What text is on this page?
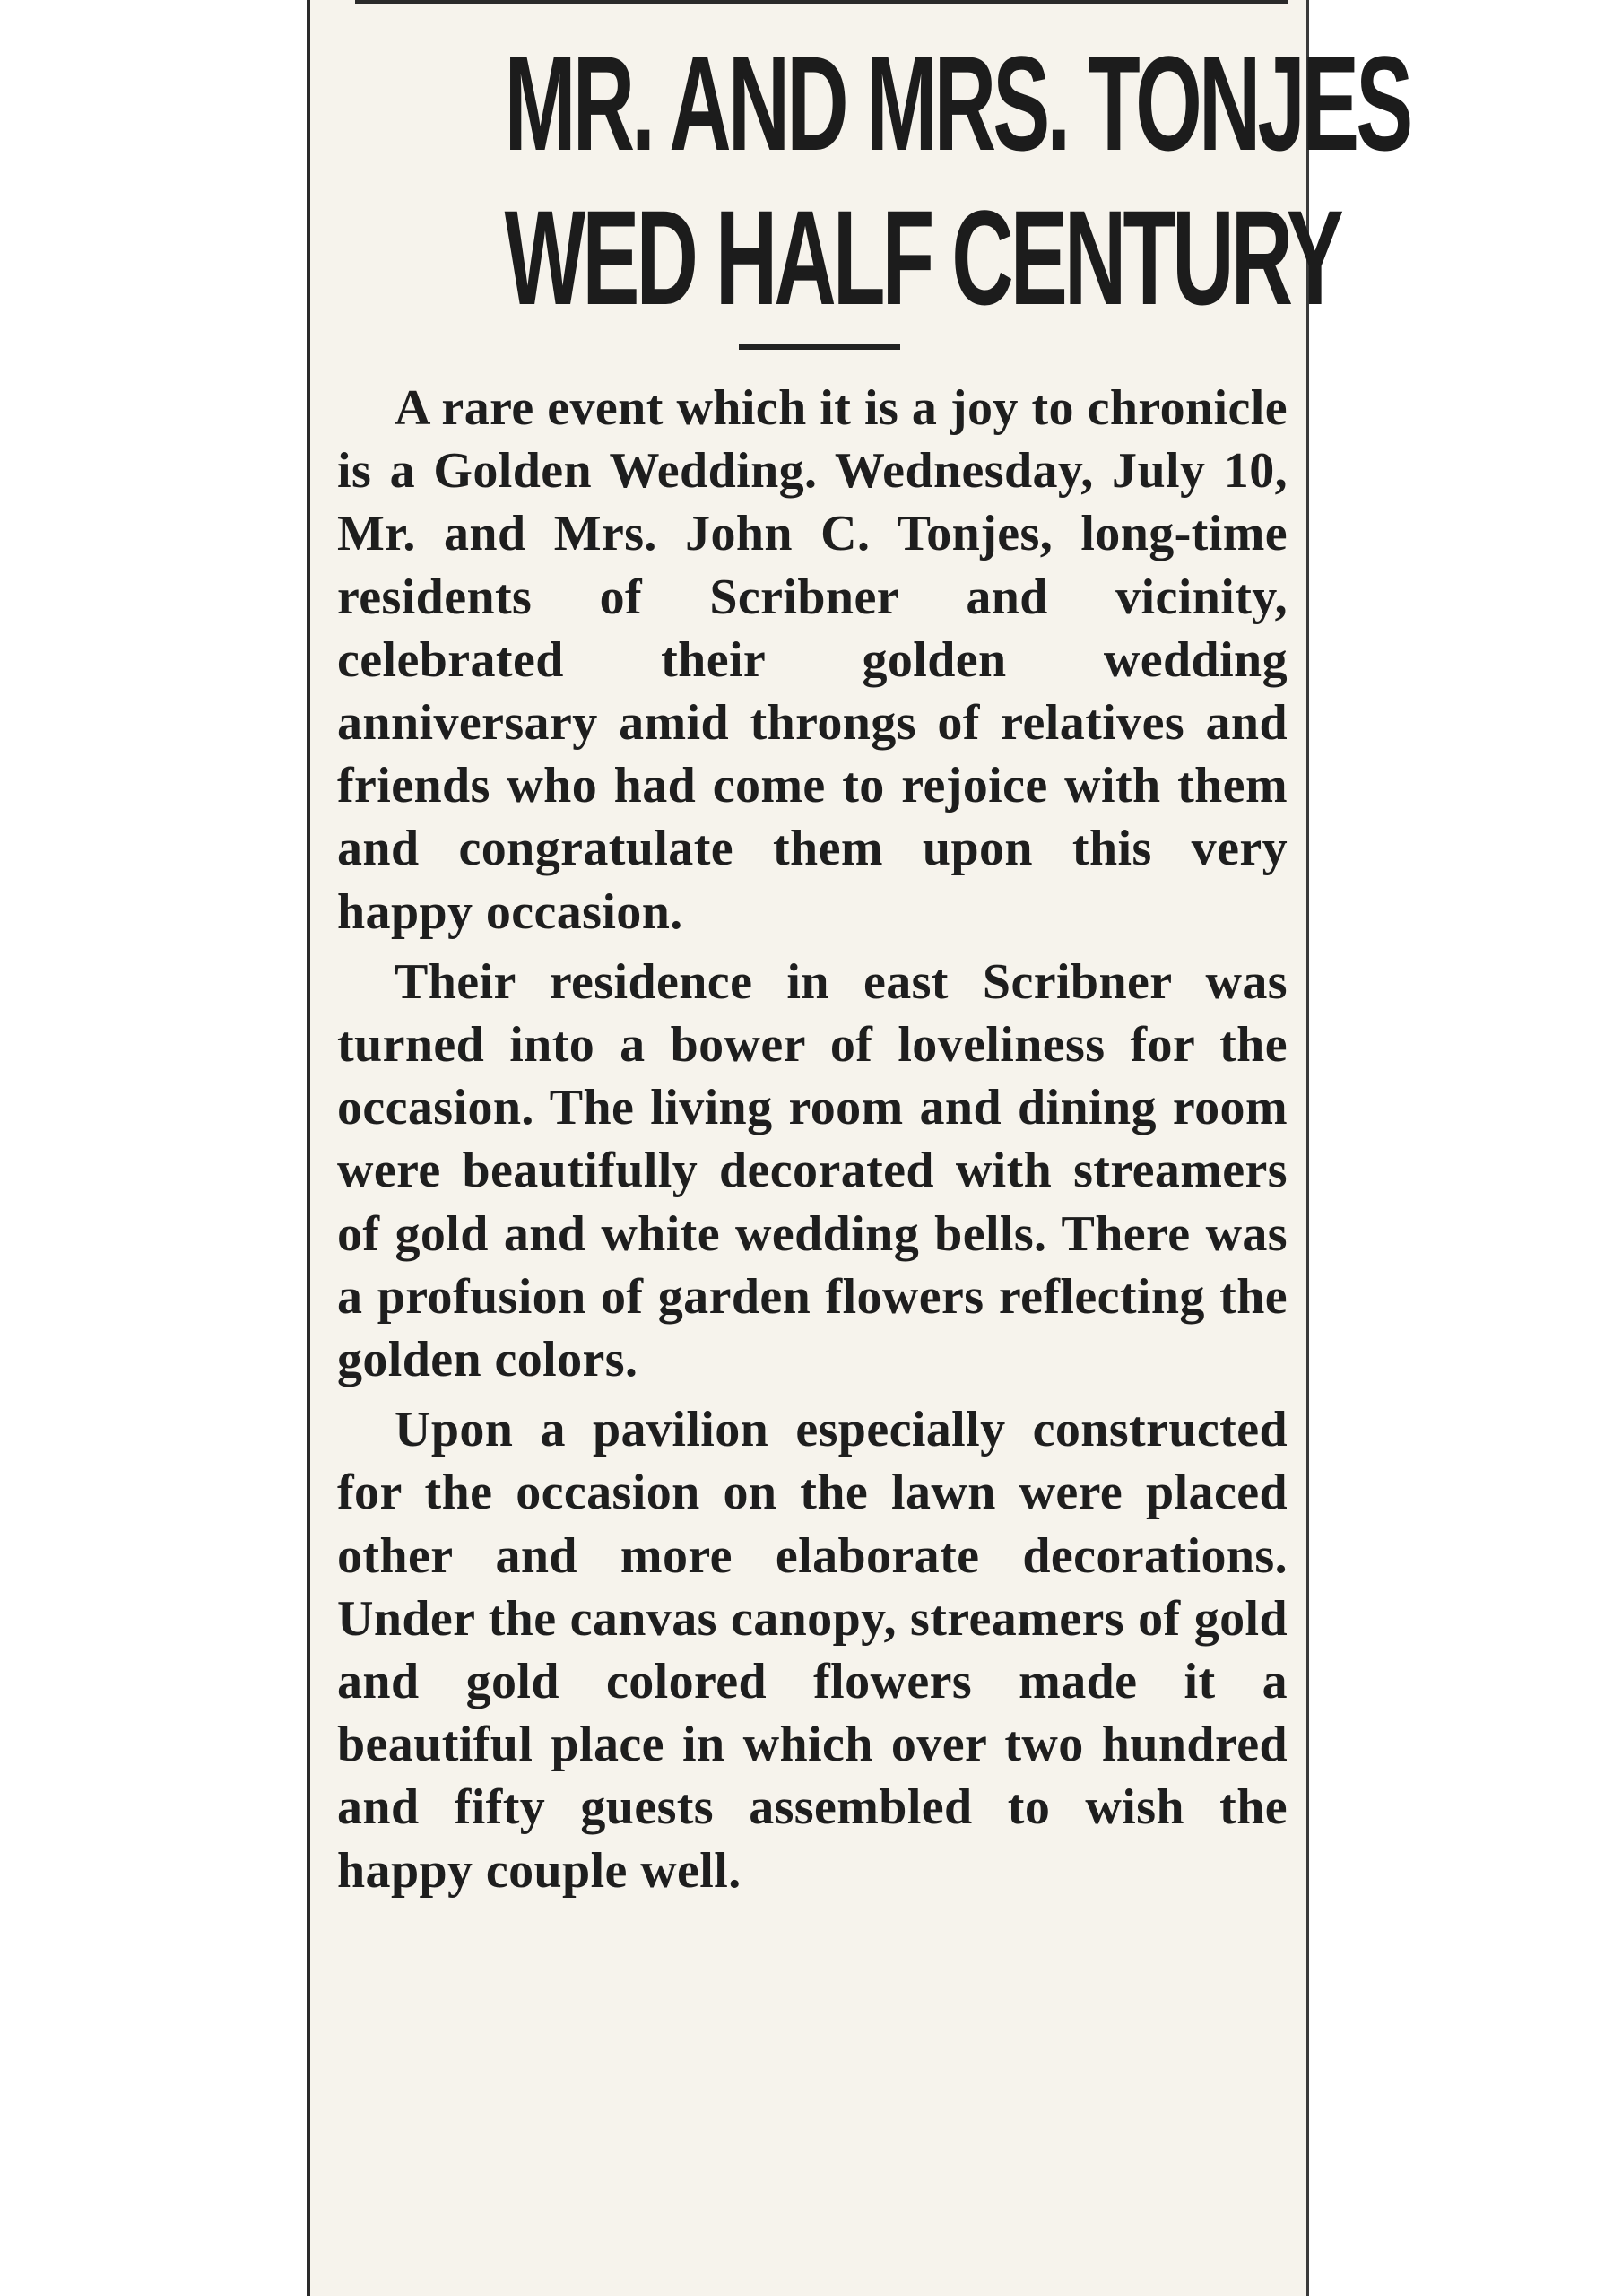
MR. AND MRS. TONJES
WED HALF CENTURY

A rare event which it is a joy to chronicle is a Golden Wedding. Wednesday, July 10, Mr. and Mrs. John C. Tonjes, long-time residents of Scribner and vicinity, celebrated their golden wedding anniversary amid throngs of relatives and friends who had come to rejoice with them and congratulate them upon this very happy occasion.

Their residence in east Scribner was turned into a bower of loveliness for the occasion. The living room and dining room were beautifully decorated with streamers of gold and white wedding bells. There was a profusion of garden flowers reflecting the golden colors.

Upon a pavilion especially constructed for the occasion on the lawn were placed other and more elaborate decorations. Under the canvas canopy, streamers of gold and gold colored flowers made it a beautiful place in which over two hundred and fifty guests assembled to wish the happy couple well.
